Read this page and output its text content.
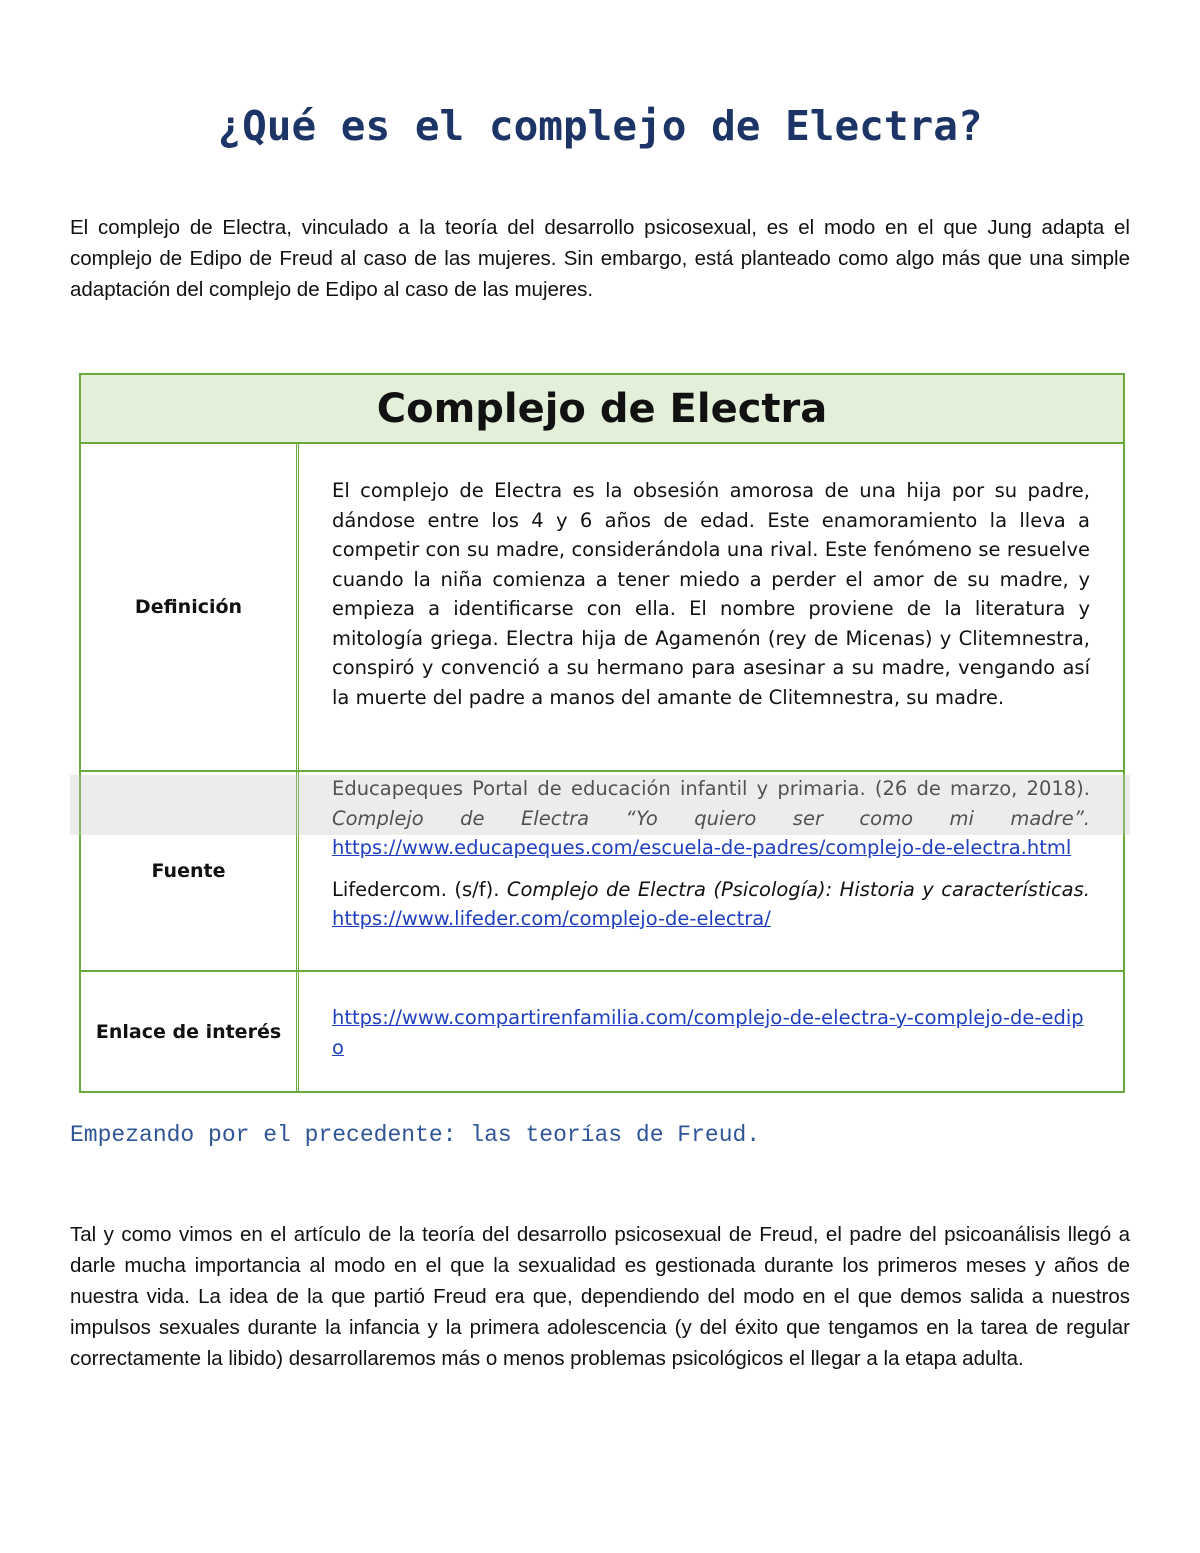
¿Qué es el complejo de Electra?
El complejo de Electra, vinculado a la teoría del desarrollo psicosexual, es el modo en el que Jung adapta el complejo de Edipo de Freud al caso de las mujeres. Sin embargo, está planteado como algo más que una simple adaptación del complejo de Edipo al caso de las mujeres.
Complejo de Electra
Definición
El complejo de Electra es la obsesión amorosa de una hija por su padre, dándose entre los 4 y 6 años de edad. Este enamoramiento la lleva a competir con su madre, considerándola una rival. Este fenómeno se resuelve cuando la niña comienza a tener miedo a perder el amor de su madre, y empieza a identificarse con ella. El nombre proviene de la literatura y mitología griega. Electra hija de Agamenón (rey de Micenas) y Clitemnestra, conspiró y convenció a su hermano para asesinar a su madre, vengando así la muerte del padre a manos del amante de Clitemnestra, su madre.
Fuente
Educapeques Portal de educación infantil y primaria. (26 de marzo, 2018). Complejo de Electra “Yo quiero ser como mi madre”. https://www.educapeques.com/escuela-de-padres/complejo-de-electra.html
Lifedercom. (s/f). Complejo de Electra (Psicología): Historia y características. https://www.lifeder.com/complejo-de-electra/
Enlace de interés
https://www.compartirenfamilia.com/complejo-de-electra-y-complejo-de-edipo
Empezando por el precedente: las teorías de Freud.
Tal y como vimos en el artículo de la teoría del desarrollo psicosexual de Freud, el padre del psicoanálisis llegó a darle mucha importancia al modo en el que la sexualidad es gestionada durante los primeros meses y años de nuestra vida. La idea de la que partió Freud era que, dependiendo del modo en el que demos salida a nuestros impulsos sexuales durante la infancia y la primera adolescencia (y del éxito que tengamos en la tarea de regular correctamente la libido) desarrollaremos más o menos problemas psicológicos el llegar a la etapa adulta.
